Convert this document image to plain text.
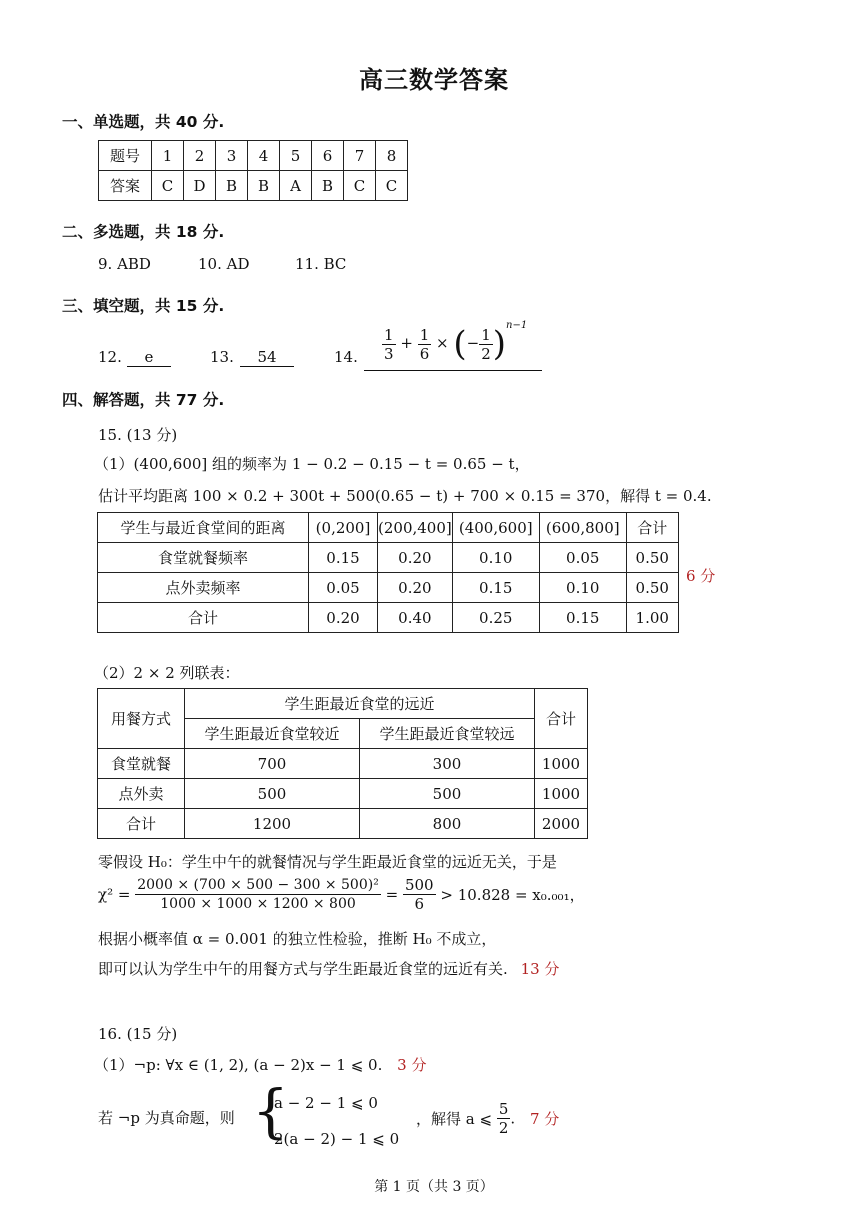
高三数学答案
一、单选题，共 40 分.
题号	1	2	3	4	5	6	7	8
答案	C	D	B	B	A	B	C	C
二、多选题，共 18 分.
9. ABD	10. AD	11. BC
三、填空题，共 15 分.
12.	e	13.	54	14. $\frac{1}{3} + \frac{1}{6}$ × (− $\frac{1}{2} )^{n-1}$
四、解答题，共 77 分.
15. (13 分)
（1）(400,600] 组的频率为 1 − 0.2 − 0.15 − t = 0.65 − t，
估计平均距离 100 × 0.2 + 300t + 500(0.65 − t) + 700 × 0.15 = 370，解得 t = 0.4.
学生与最近食堂间的距离	(0,200]	(200,400]	(400,600]	(600,800]	合计
食堂就餐频率	0.15	0.20	0.10	0.05	0.50
点外卖频率	0.05	0.20	0.15	0.10	0.50
合计	0.20	0.40	0.25	0.15	1.00
6 分
（2）2 × 2 列联表：
用餐方式	学生距最近食堂的远近		合计
	学生距最近食堂较近	学生距最近食堂较远	
食堂就餐	700	300	1000
点外卖	500	500	1000
合计	1200	800	2000
零假设 H₀：学生中午的就餐情况与学生距最近食堂的远近无关，于是
$\chi^2 = \frac{\text{2000 × (700 × 500 − 300 × 500)²}}{1000 \times 1000 \times 1200 \times 800} = \frac{500}{6} > 10.828 = x_0._{001}$，
根据小概率值 α = 0.001 的独立性检验，推断 H₀ 不成立，
即可以认为学生中午的用餐方式与学生距最近食堂的远近有关. 13 分
16. (15 分)
（1）¬p: ∀x ∈ (1, 2), (a − 2)x − 1 ⩽ 0. 3 分
若 ¬p 为真命题，则 {
a − 2 − 1 ⩽ 0
2(a − 2) − 1 ⩽ 0
，解得 a ⩽ $\frac{5}{2}$ . 7 分
第 1 页（共 3 页）
